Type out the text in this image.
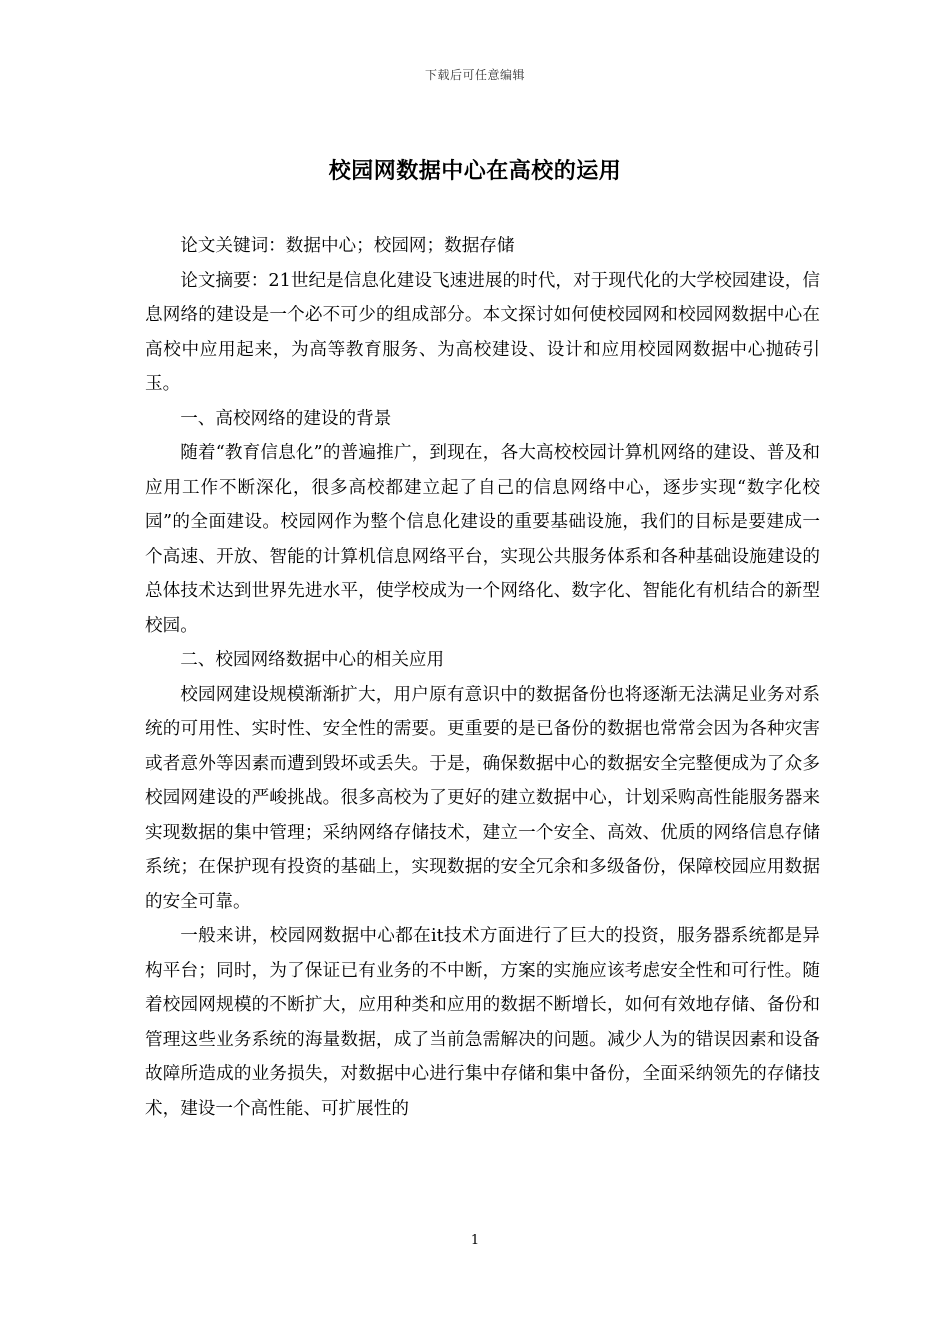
下载后可任意编辑
校园网数据中心在高校的运用

论文关键词：数据中心；校园网；数据存储

论文摘要：21世纪是信息化建设飞速进展的时代，对于现代化的大学校园建设，信息网络的建设是一个必不可少的组成部分。本文探讨如何使校园网和校园网数据中心在高校中应用起来，为高等教育服务、为高校建设、设计和应用校园网数据中心抛砖引玉。

一、高校网络的建设的背景

随着“教育信息化”的普遍推广，到现在，各大高校校园计算机网络的建设、普及和应用工作不断深化，很多高校都建立起了自己的信息网络中心，逐步实现“数字化校园”的全面建设。校园网作为整个信息化建设的重要基础设施，我们的目标是要建成一个高速、开放、智能的计算机信息网络平台，实现公共服务体系和各种基础设施建设的总体技术达到世界先进水平，使学校成为一个网络化、数字化、智能化有机结合的新型校园。

二、校园网络数据中心的相关应用

校园网建设规模渐渐扩大，用户原有意识中的数据备份也将逐渐无法满足业务对系统的可用性、实时性、安全性的需要。更重要的是已备份的数据也常常会因为各种灾害或者意外等因素而遭到毁坏或丢失。于是，确保数据中心的数据安全完整便成为了众多校园网建设的严峻挑战。很多高校为了更好的建立数据中心，计划采购高性能服务器来实现数据的集中管理；采纳网络存储技术，建立一个安全、高效、优质的网络信息存储系统；在保护现有投资的基础上，实现数据的安全冗余和多级备份，保障校园应用数据的安全可靠。

一般来讲，校园网数据中心都在it技术方面进行了巨大的投资，服务器系统都是异构平台；同时，为了保证已有业务的不中断，方案的实施应该考虑安全性和可行性。随着校园网规模的不断扩大，应用种类和应用的数据不断增长，如何有效地存储、备份和管理这些业务系统的海量数据，成了当前急需解决的问题。减少人为的错误因素和设备故障所造成的业务损失，对数据中心进行集中存储和集中备份，全面采纳领先的存储技术，建设一个高性能、可扩展性的

1
